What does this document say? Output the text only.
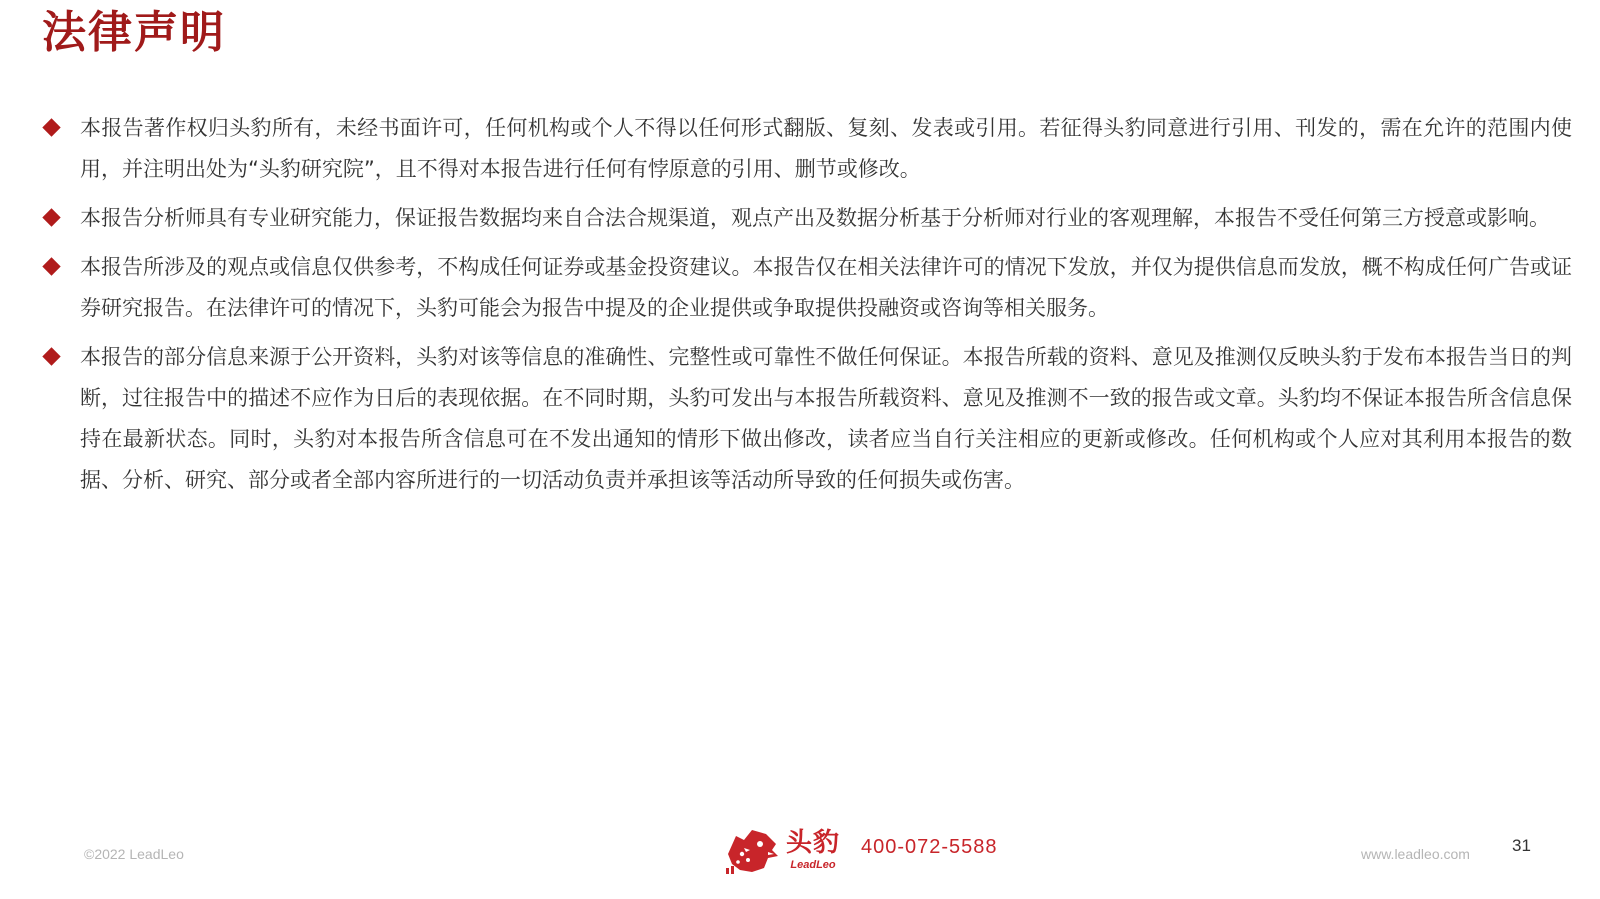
法律声明
本报告著作权归头豹所有，未经书面许可，任何机构或个人不得以任何形式翻版、复刻、发表或引用。若征得头豹同意进行引用、刊发的，需在允许的范围内使用，并注明出处为“头豹研究院”，且不得对本报告进行任何有悖原意的引用、删节或修改。
本报告分析师具有专业研究能力，保证报告数据均来自合法合规渠道，观点产出及数据分析基于分析师对行业的客观理解，本报告不受任何第三方授意或影响。
本报告所涉及的观点或信息仅供参考，不构成任何证券或基金投资建议。本报告仅在相关法律许可的情况下发放，并仅为提供信息而发放，概不构成任何广告或证券研究报告。在法律许可的情况下，头豹可能会为报告中提及的企业提供或争取提供投融资或咨询等相关服务。
本报告的部分信息来源于公开资料，头豹对该等信息的准确性、完整性或可靠性不做任何保证。本报告所载的资料、意见及推测仅反映头豹于发布本报告当日的判断，过往报告中的描述不应作为日后的表现依据。在不同时期，头豹可发出与本报告所载资料、意见及推测不一致的报告或文章。头豹均不保证本报告所含信息保持在最新状态。同时，头豹对本报告所含信息可在不发出通知的情形下做出修改，读者应当自行关注相应的更新或修改。任何机构或个人应对其利用本报告的数据、分析、研究、部分或者全部内容所进行的一切活动负责并承担该等活动所导致的任何损失或伤害。
©2022 LeadLeo	头豹
LeadLeo
400-072-5588	www.leadleo.com 31
